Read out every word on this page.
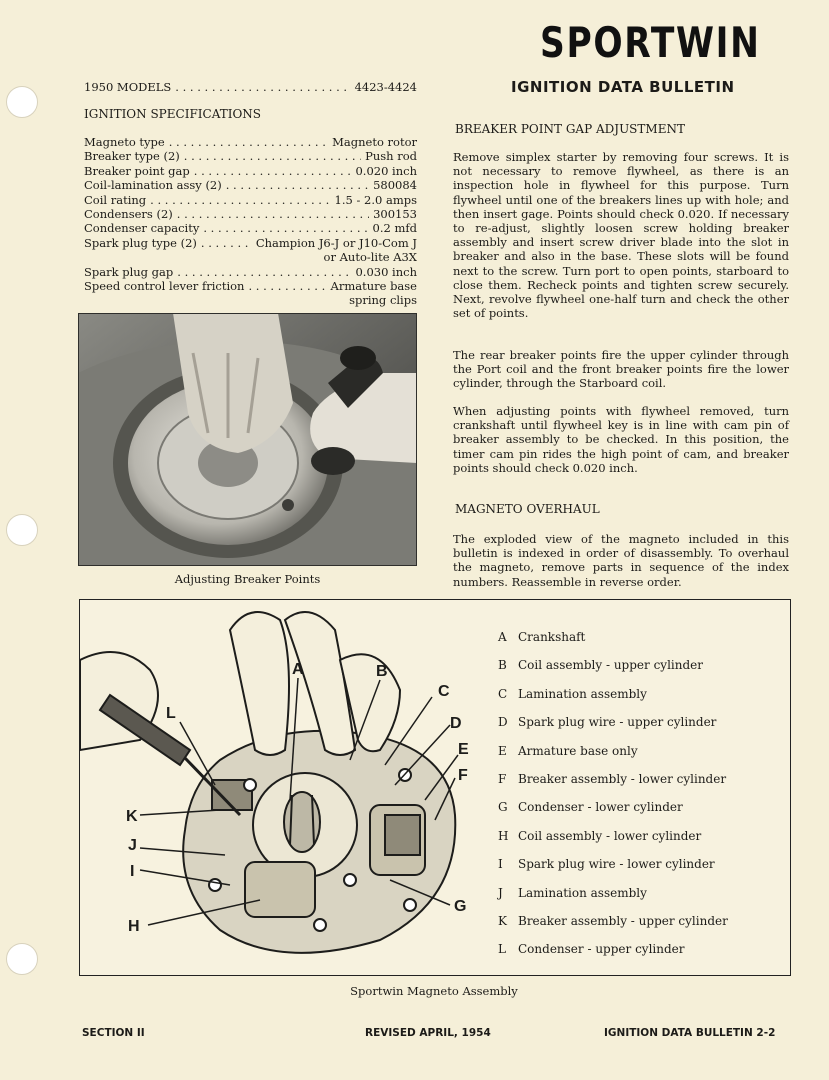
SPORTWIN
IGNITION DATA BULLETIN
1950 MODELS . . .	4423-4424
IGNITION SPECIFICATIONS
Magneto type . . .	Magneto rotor
Breaker type (2) . . .	Push rod
Breaker point gap . . .	0.020 inch
Coil-lamination assy (2) . . .	580084
Coil rating . . .	1.5 - 2.0 amps
Condensers (2) . . .	300153
Condenser capacity . . .	0.2 mfd
Spark plug type (2) . . .	Champion J6-J or J10-Com J
or Auto-lite A3X
Spark plug gap . . .	0.030 inch
Speed control lever friction . . .	Armature base
spring clips
Adjusting Breaker Points
BREAKER POINT GAP ADJUSTMENT
Remove simplex starter by removing four screws. It is not necessary to remove flywheel, as there is an inspection hole in flywheel for this purpose. Turn flywheel until one of the breakers lines up with hole; and then insert gage. Points should check 0.020. If necessary to re-adjust, slightly loosen screw holding breaker assembly and insert screw driver blade into the slot in breaker and also in the base. These slots will be found next to the screw. Turn port to open points, starboard to close them. Recheck points and tighten screw securely. Next, revolve flywheel one-half turn and check the other set of points.
The rear breaker points fire the upper cylinder through the Port coil and the front breaker points fire the lower cylinder, through the Starboard coil.
When adjusting points with flywheel removed, turn crankshaft until flywheel key is in line with cam pin of breaker assembly to be checked. In this position, the timer cam pin rides the high point of cam, and breaker points should check 0.020 inch.
MAGNETO OVERHAUL
The exploded view of the magneto included in this bulletin is indexed in order of disassembly. To overhaul the magneto, remove parts in sequence of the index numbers. Reassemble in reverse order.
A	B
C
D
E
F
G
H
I
J
K
L
A Crankshaft
B Coil assembly - upper cylinder
C Lamination assembly
D Spark plug wire - upper cylinder
E Armature base only
F Breaker assembly - lower cylinder
G Condenser - lower cylinder
H Coil assembly - lower cylinder
I	Spark plug wire - lower cylinder
J	Lamination assembly
K Breaker assembly - upper cylinder
L	Condenser - upper cylinder
Sportwin Magneto Assembly
SECTION II	REVISED APRIL, 1954	IGNITION DATA BULLETIN 2-2
